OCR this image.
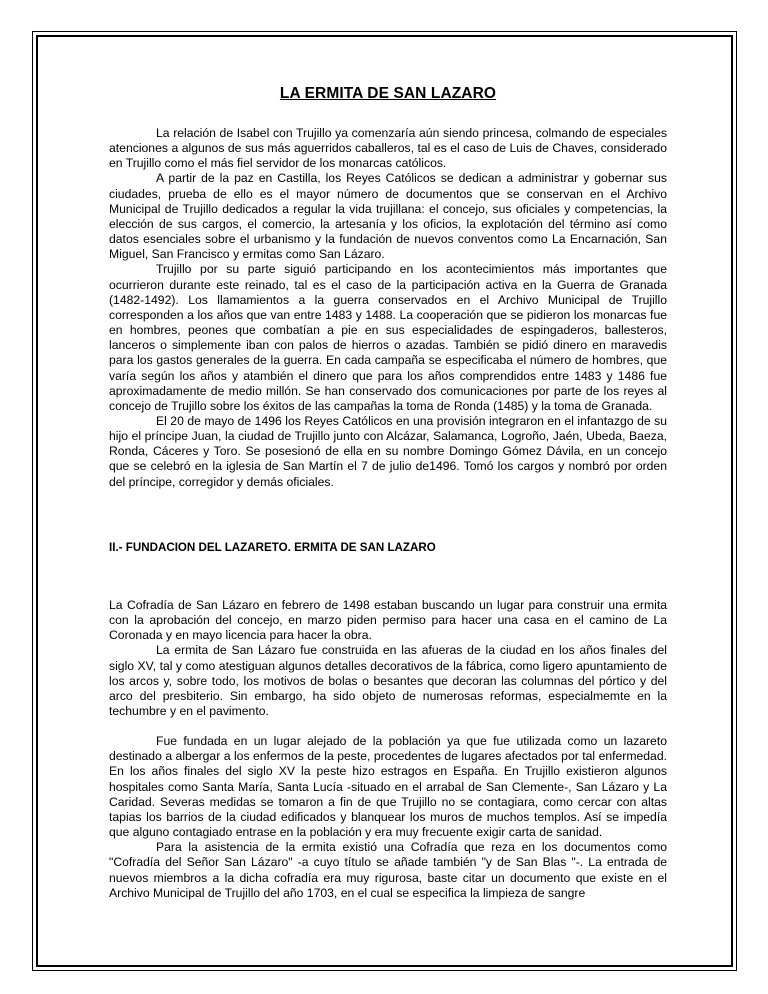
LA ERMITA DE SAN LAZARO

La relación de Isabel con Trujillo ya comenzaría aún siendo princesa, colmando de especiales atenciones a algunos de sus más aguerridos caballeros, tal es el caso de Luis de Chaves, considerado en Trujillo como el más fiel servidor de los monarcas católicos.

A partir de la paz en Castilla, los Reyes Católicos se dedican a administrar y gobernar sus ciudades, prueba de ello es el mayor número de documentos que se conservan en el Archivo Municipal de Trujillo dedicados a regular la vida trujillana: el concejo, sus oficiales y competencias, la elección de sus cargos, el comercio, la artesanía y los oficios, la explotación del término así como datos esenciales sobre el urbanismo y la fundación de nuevos conventos como La Encarnación, San Miguel, San Francisco y ermitas como San Lázaro.

Trujillo por su parte siguió participando en los acontecimientos más importantes que ocurrieron durante este reinado, tal es el caso de la participación activa en la Guerra de Granada (1482-1492). Los llamamientos a la guerra conservados en el Archivo Municipal de Trujillo corresponden a los años que van entre 1483 y 1488. La cooperación que se pidieron los monarcas fue en hombres, peones que combatían a pie en sus especialidades de espingaderos, ballesteros, lanceros o simplemente iban con palos de hierros o azadas. También se pidió dinero en maravedis para los gastos generales de la guerra. En cada campaña se especificaba el número de hombres, que varía según los años y atambién el dinero que para los años comprendidos entre 1483 y 1486 fue aproximadamente de medio millón. Se han conservado dos comunicaciones por parte de los reyes al concejo de Trujillo sobre los éxitos de las campañas la toma de Ronda (1485) y la toma de Granada.

El 20 de mayo de 1496 los Reyes Católicos en una provisión integraron en el infantazgo de su hijo el príncipe Juan, la ciudad de Trujillo junto con Alcázar, Salamanca, Logroño, Jaén, Ubeda, Baeza, Ronda, Cáceres y Toro. Se posesionó de ella en su nombre Domingo Gómez Dávila, en un concejo que se celebró en la iglesia de San Martín el 7 de julio de1496. Tomó los cargos y nombró por orden del príncipe, corregidor y demás oficiales.

II.- FUNDACION DEL LAZARETO. ERMITA DE SAN LAZARO

La Cofradía de San Lázaro en febrero de 1498 estaban buscando un lugar para construir una ermita con la aprobación del concejo, en marzo piden permiso para hacer una casa en el camino de La Coronada y en mayo licencia para hacer la obra.

La ermita de San Lázaro fue construida en las afueras de la ciudad en los años finales del siglo XV, tal y como atestiguan algunos detalles decorativos de la fábrica, como ligero apuntamiento de los arcos y, sobre todo, los motivos de bolas o besantes que decoran las columnas del pórtico y del arco del presbiterio. Sin embargo, ha sido objeto de numerosas reformas, especialmemte en la techumbre y en el pavimento.

Fue fundada en un lugar alejado de la población ya que fue utilizada como un lazareto destinado a albergar a los enfermos de la peste, procedentes de lugares afectados por tal enfermedad. En los años finales del siglo XV la peste hizo estragos en España. En Trujillo existieron algunos hospitales como Santa María, Santa Lucía -situado en el arrabal de San Clemente-, San Lázaro y La Caridad. Severas medidas se tomaron a fin de que Trujillo no se contagiara, como cercar con altas tapias los barrios de la ciudad edificados y blanquear los muros de muchos templos. Así se impedía que alguno contagiado entrase en la población y era muy frecuente exigir carta de sanidad.

Para la asistencia de la ermita existió una Cofradía que reza en los documentos como "Cofradía del Señor San Lázaro" -a cuyo título se añade también "y de San Blas "-. La entrada de nuevos miembros a la dicha cofradía era muy rigurosa, baste citar un documento que existe en el Archivo Municipal de Trujillo del año 1703, en el cual se especifica la limpieza de sangre
